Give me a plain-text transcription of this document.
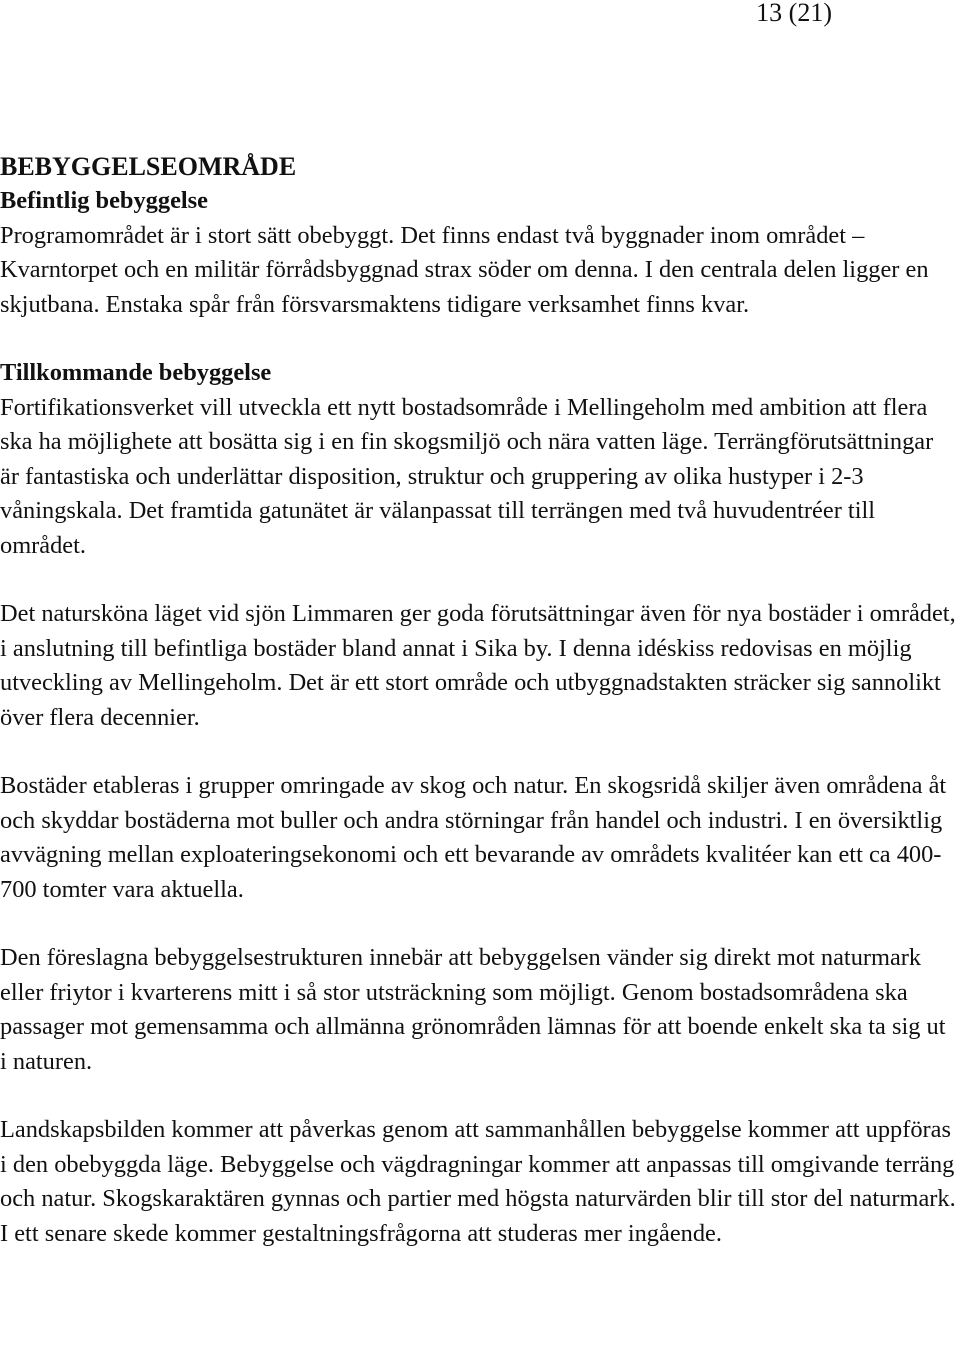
13 (21)

BEBYGGELSEOMRÅDE

Befintlig bebyggelse

Programområdet är i stort sätt obebyggt. Det finns endast två byggnader inom området – Kvarntorpet och en militär förrådsbyggnad strax söder om denna. I den centrala delen ligger en skjutbana. Enstaka spår från försvarsmaktens tidigare verksamhet finns kvar.

Tillkommande bebyggelse

Fortifikationsverket vill utveckla ett nytt bostadsområde i Mellingeholm med ambition att flera ska ha möjlighete att bosätta sig i en fin skogsmiljö och nära vatten läge. Terrängförutsättningar är fantastiska och underlättar disposition, struktur och gruppering av olika hustyper i 2-3 våningskala. Det framtida gatunätet är välanpassat till terrängen med två huvudentréer till området.

Det natursköna läget vid sjön Limmaren ger goda förutsättningar även för nya bostäder i området, i anslutning till befintliga bostäder bland annat i Sika by. I denna idéskiss redovisas en möjlig utveckling av Mellingeholm. Det är ett stort område och utbyggnadstakten sträcker sig sannolikt över flera decennier.

Bostäder etableras i grupper omringade av skog och natur. En skogsridå skiljer även områdena åt och skyddar bostäderna mot buller och andra störningar från handel och industri. I en översiktlig avvägning mellan exploateringsekonomi och ett bevarande av områdets kvalitéer kan ett ca 400-700 tomter vara aktuella.

Den föreslagna bebyggelsestrukturen innebär att bebyggelsen vänder sig direkt mot naturmark eller friytor i kvarterens mitt i så stor utsträckning som möjligt. Genom bostadsområdena ska passager mot gemensamma och allmänna grönområden lämnas för att boende enkelt ska ta sig ut i naturen.

Landskapsbilden kommer att påverkas genom att sammanhållen bebyggelse kommer att uppföras i den obebyggda läge. Bebyggelse och vägdragningar kommer att anpassas till omgivande terräng och natur. Skogskaraktären gynnas och partier med högsta naturvärden blir till stor del naturmark. I ett senare skede kommer gestaltningsfrågorna att studeras mer ingående.
